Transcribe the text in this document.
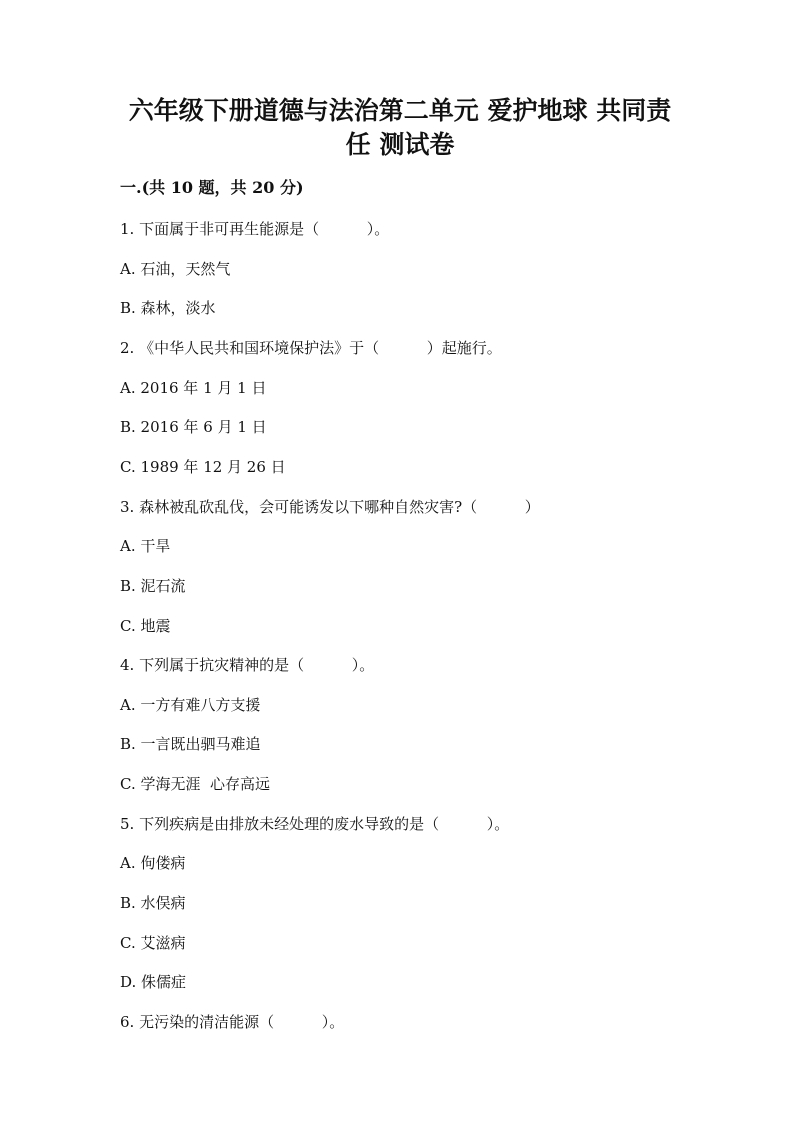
六年级下册道德与法治第二单元 爱护地球 共同责
任 测试卷
一.(共 10 题，共 20 分)
1. 下面属于非可再生能源是（          ）。
A. 石油，天然气
B. 森林，淡水
2. 《中华人民共和国环境保护法》于（          ）起施行。
A. 2016 年 1 月 1 日
B. 2016 年 6 月 1 日
C. 1989 年 12 月 26 日
3. 森林被乱砍乱伐，会可能诱发以下哪种自然灾害?（          ）
A. 干旱
B. 泥石流
C. 地震
4. 下列属于抗灾精神的是（          ）。
A. 一方有难八方支援
B. 一言既出驷马难追
C. 学海无涯  心存高远
5. 下列疾病是由排放未经处理的废水导致的是（          ）。
A. 佝偻病
B. 水俣病
C. 艾滋病
D. 侏儒症
6. 无污染的清洁能源（          ）。
